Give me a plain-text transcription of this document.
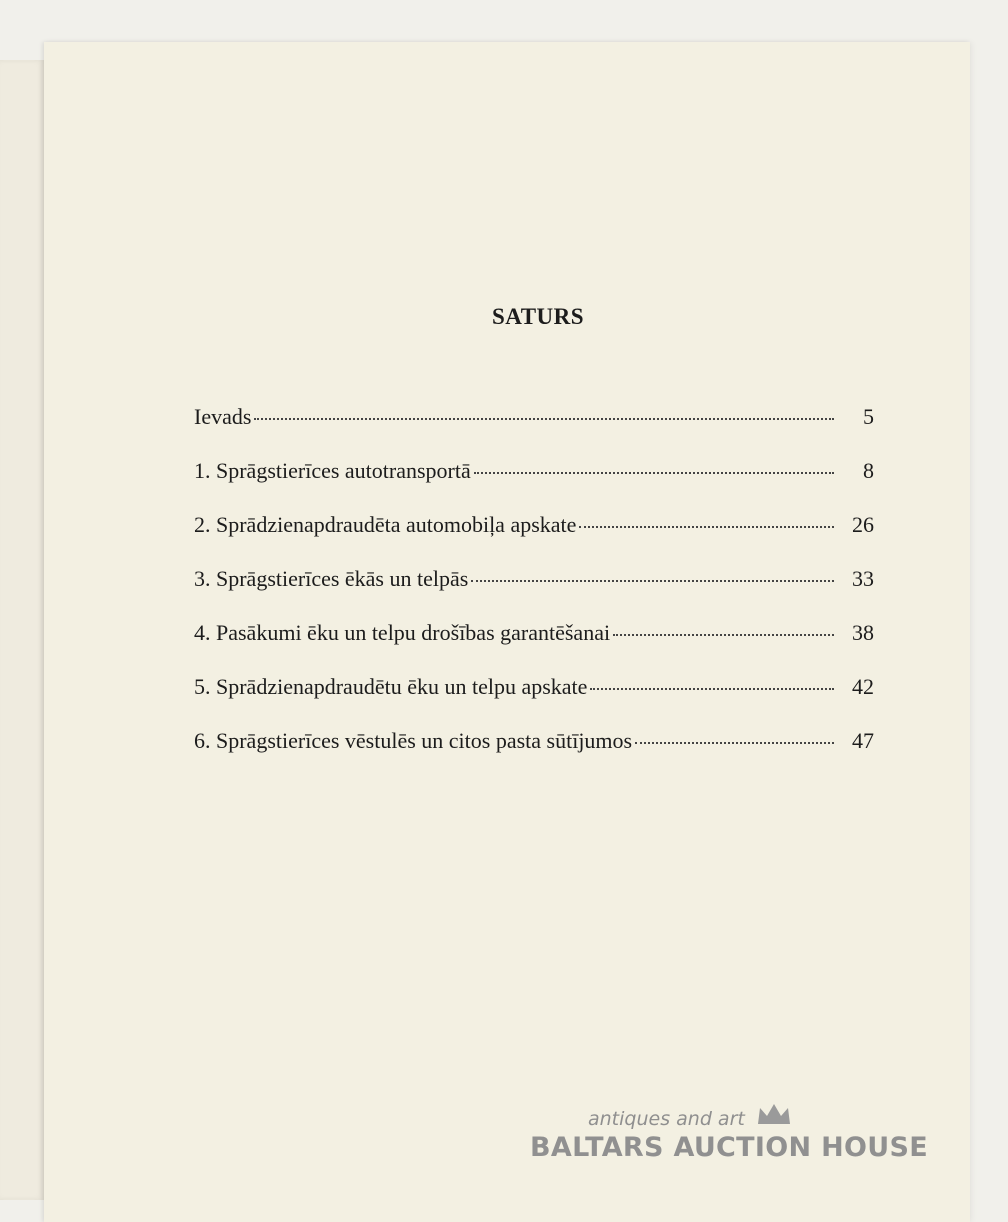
SATURS
Ievads	5
1. Sprāgstierīces autotransportā	8
2. Sprādzienapdraudēta automobiļa apskate	26
3. Sprāgstierīces ēkās un telpās	33
4. Pasākumi ēku un telpu drošības garantēšanai	38
5. Sprādzienapdraudētu ēku un telpu apskate	42
6. Sprāgstierīces vēstulēs un citos pasta sūtījumos	47
antiques and art
BALTARS AUCTION HOUSE
